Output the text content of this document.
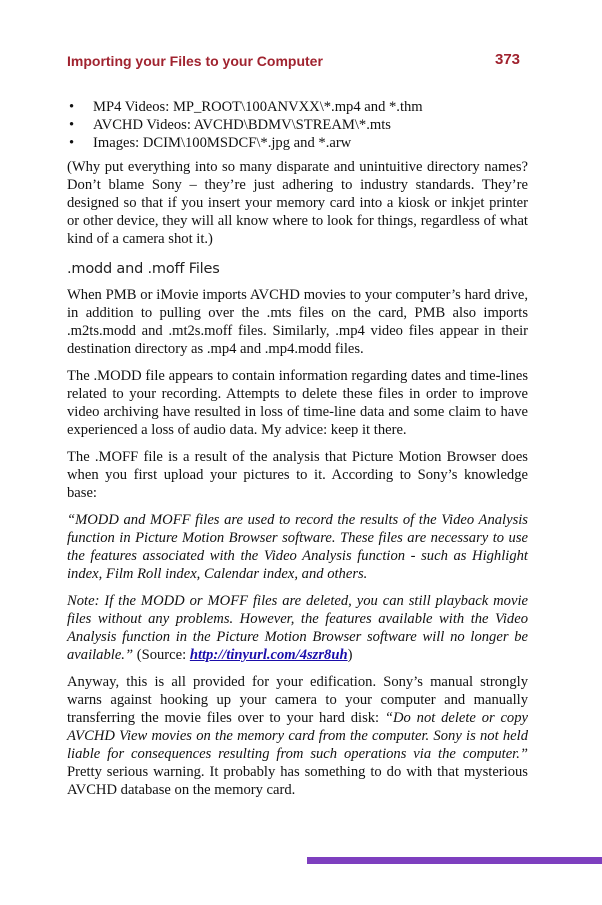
Importing your Files to your Computer	373
• MP4 Videos: MP_ROOT\100ANVXX\*.mp4 and *.thm
• AVCHD Videos: AVCHD\BDMV\STREAM\*.mts
• Images: DCIM\100MSDCF\*.jpg and *.arw

(Why put everything into so many disparate and unintuitive directory names? Don’t blame Sony – they’re just adhering to industry standards. They’re designed so that if you insert your memory card into a kiosk or inkjet printer or other device, they will all know where to look for things, regardless of what kind of a camera shot it.)

.modd and .moff Files

When PMB or iMovie imports AVCHD movies to your computer’s hard drive, in addition to pulling over the .mts files on the card, PMB also imports .m2ts.modd and .mt2s.moff files. Similarly, .mp4 video files appear in their destination directory as .mp4 and .mp4.modd files.

The .MODD file appears to contain information regarding dates and time-lines related to your recording. Attempts to delete these files in order to improve video archiving have resulted in loss of time-line data and some claim to have experienced a loss of audio data. My advice: keep it there.

The .MOFF file is a result of the analysis that Picture Motion Browser does when you first upload your pictures to it. According to Sony’s knowledge base:

“MODD and MOFF files are used to record the results of the Video Analysis function in Picture Motion Browser software. These files are necessary to use the features associated with the Video Analysis function - such as Highlight index, Film Roll index, Calendar index, and others.

Note: If the MODD or MOFF files are deleted, you can still playback movie files without any problems. However, the features available with the Video Analysis function in the Picture Motion Browser software will no longer be available.” (Source: http://tinyurl.com/4szr8uh)

Anyway, this is all provided for your edification. Sony’s manual strongly warns against hooking up your camera to your computer and manually transferring the movie files over to your hard disk: “Do not delete or copy AVCHD View movies on the memory card from the computer. Sony is not held liable for consequences resulting from such operations via the computer.” Pretty serious warning. It probably has something to do with that mysterious AVCHD database on the memory card.
